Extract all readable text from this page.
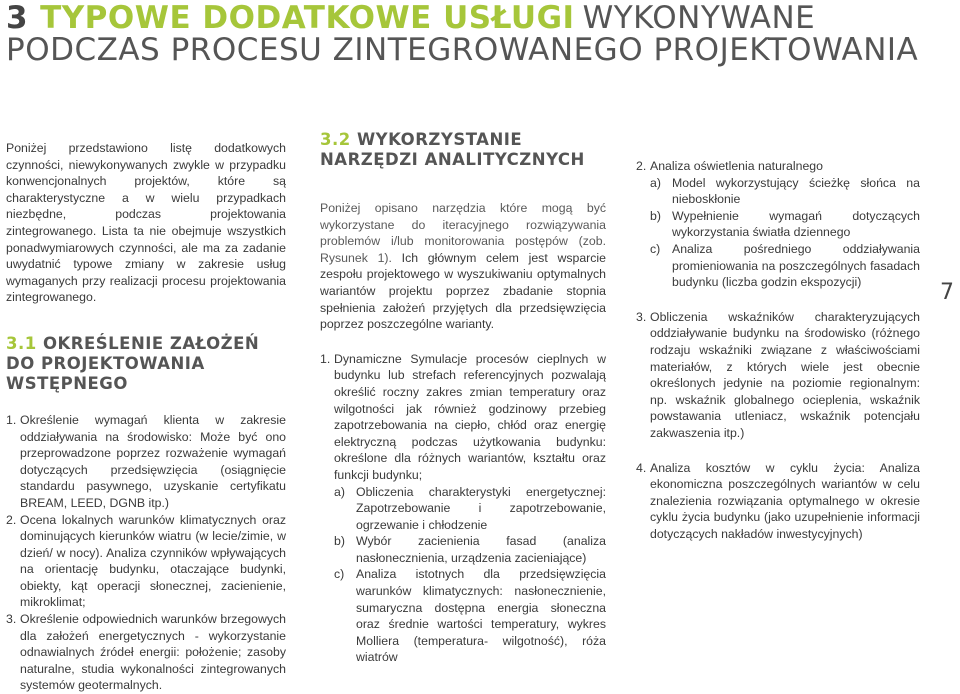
3 TYPOWE DODATKOWE USŁUGI WYKONYWANE PODCZAS PROCESU ZINTEGROWANEGO PROJEKTOWANIA

Poniżej przedstawiono listę dodatkowych czynności, niewykonywanych zwykle w przypadku konwencjonalnych projektów, które są charakterystyczne a w wielu przypadkach niezbędne, podczas projektowania zintegrowanego. Lista ta nie obejmuje wszystkich ponadwymiarowych czynności, ale ma za zadanie uwydatnić typowe zmiany w zakresie usług wymaganych przy realizacji procesu projektowania zintegrowanego.

3.1 OKREŚLENIE ZAŁOŻEŃ DO PROJEKTOWANIA WSTĘPNEGO
1. Określenie wymagań klienta w zakresie oddziaływania na środowisko: Może być ono przeprowadzone poprzez rozważenie wymagań dotyczących przedsięwzięcia (osiągnięcie standardu pasywnego, uzyskanie certyfikatu BREAM, LEED, DGNB itp.)
2. Ocena lokalnych warunków klimatycznych oraz dominujących kierunków wiatru (w lecie/zimie, w dzień/ w nocy). Analiza czynników wpływających na orientację budynku, otaczające budynki, obiekty, kąt operacji słonecznej, zacienienie, mikroklimat;
3. Określenie odpowiednich warunków brzegowych dla założeń energetycznych - wykorzystanie odnawialnych źródeł energii: położenie; zasoby naturalne, studia wykonalności zintegrowanych systemów geotermalnych.
3.2 WYKORZYSTANIE NARZĘDZI ANALITYCZNYCH

Poniżej opisano narzędzia które mogą być wykorzystane do iteracyjnego rozwiązywania problemów i/lub monitorowania postępów (zob. Rysunek 1). Ich głównym celem jest wsparcie zespołu projektowego w wyszukiwaniu optymalnych wariantów projektu poprzez zbadanie stopnia spełnienia założeń przyjętych dla przedsięwzięcia poprzez poszczególne warianty.

1. Dynamiczne Symulacje procesów cieplnych w budynku lub strefach referencyjnych pozwalają określić roczny zakres zmian temperatury oraz wilgotności jak również godzinowy przebieg zapotrzebowania na ciepło, chłód oraz energię elektryczną podczas użytkowania budynku: określone dla różnych wariantów, kształtu oraz funkcji budynku;
a) Obliczenia charakterystyki energetycznej: Zapotrzebowanie i zapotrzebowanie, ogrzewanie i chłodzenie
b) Wybór zacienienia fasad (analiza nasłonecznienia, urządzenia zacieniające)
c) Analiza istotnych dla przedsięwzięcia warunków klimatycznych: nasłonecznienie, sumaryczna dostępna energia słoneczna oraz średnie wartości temperatury, wykres Molliera (temperatura- wilgotność), róża wiatrów
2. Analiza oświetlenia naturalnego
a) Model wykorzystujący ścieżkę słońca na nieboskłonie
b) Wypełnienie wymagań dotyczących wykorzystania światła dziennego
c) Analiza pośredniego oddziaływania promieniowania na poszczególnych fasadach budynku (liczba godzin ekspozycji)
3. Obliczenia wskaźników charakteryzujących oddziaływanie budynku na środowisko (różnego rodzaju wskaźniki związane z właściwościami materiałów, z których wiele jest obecnie określonych jedynie na poziomie regionalnym: np. wskaźnik globalnego ocieplenia, wskaźnik powstawania utleniacz, wskaźnik potencjału zakwaszenia itp.)
4. Analiza kosztów w cyklu życia: Analiza ekonomiczna poszczególnych wariantów w celu znalezienia rozwiązania optymalnego w okresie cyklu życia budynku (jako uzupełnienie informacji dotyczących nakładów inwestycyjnych)
7
